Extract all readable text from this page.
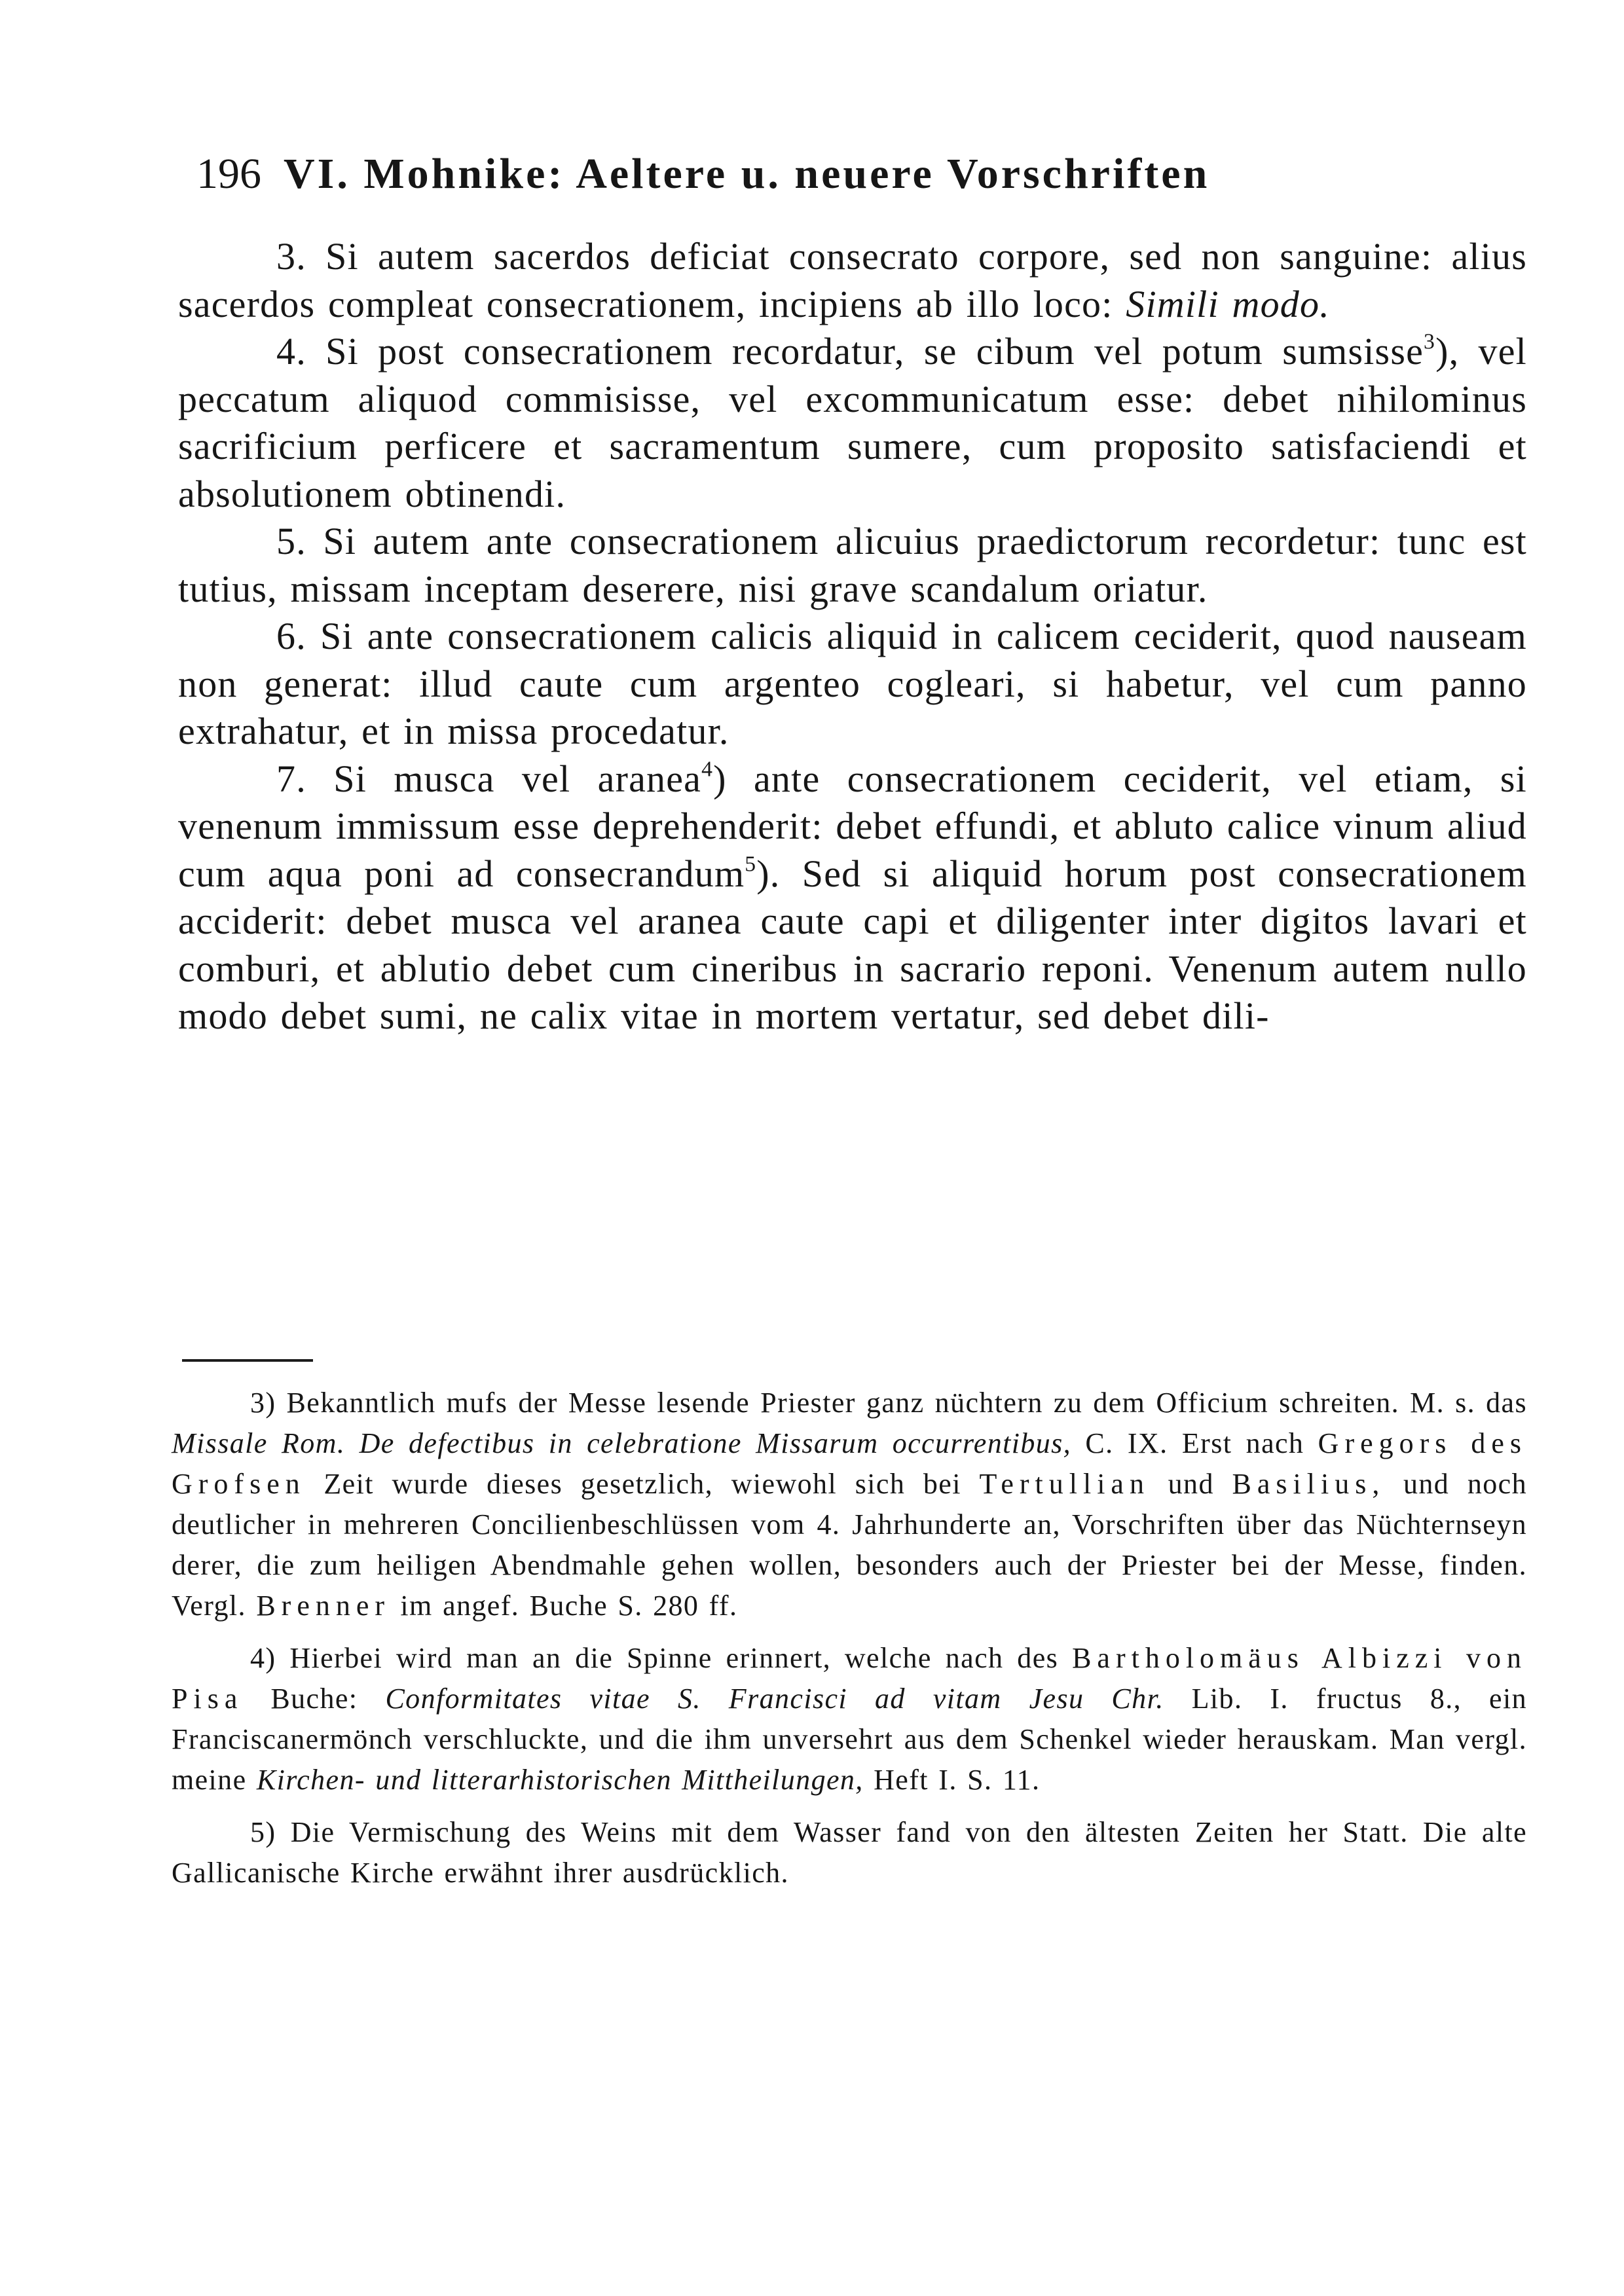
196 VI. Mohnike: Aeltere u. neuere Vorschriften

3. Si autem sacerdos deficiat consecrato corpore, sed non sanguine: alius sacerdos compleat consecrationem, incipiens ab illo loco: Simili modo.

4. Si post consecrationem recordatur, se cibum vel potum sumsisse$^3$), vel peccatum aliquod commisisse, vel excommunicatum esse: debet nihilominus sacrificium perficere et sacramentum sumere, cum proposito satisfaciendi et absolutionem obtinendi.

5. Si autem ante consecrationem alicuius praedictorum recordetur: tunc est tutius, missam inceptam deserere, nisi grave scandalum oriatur.

6. Si ante consecrationem calicis aliquid in calicem ceciderit, quod nauseam non generat: illud caute cum argenteo cogleari, si habetur, vel cum panno extrahatur, et in missa procedatur.

7. Si musca vel aranea$^4$) ante consecrationem ceciderit, vel etiam, si venenum immissum esse deprehenderit: debet effundi, et abluto calice vinum aliud cum aqua poni ad consecrandum$^5$). Sed si aliquid horum post consecrationem acciderit: debet musca vel aranea caute capi et diligenter inter digitos lavari et comburi, et ablutio debet cum cineribus in sacrario reponi. Venenum autem nullo modo debet sumi, ne calix vitae in mortem vertatur, sed debet dili-

3) Bekanntlich mufs der Messe lesende Priester ganz nüchtern zu dem Officium schreiten. M. s. das Missale Rom. De defectibus in celebratione Missarum occurrentibus, C. IX. Erst nach Gregors des Grofsen Zeit wurde dieses gesetzlich, wiewohl sich bei Tertullian und Basilius, und noch deutlicher in mehreren Concilienbeschlüssen vom 4. Jahrhunderte an, Vorschriften über das Nüchternseyn derer, die zum heiligen Abendmahle gehen wollen, besonders auch der Priester bei der Messe, finden. Vergl. Brenner im angef. Buche S. 280 ff.

4) Hierbei wird man an die Spinne erinnert, welche nach des Bartholomäus Albizzi von Pisa Buche: Conformitates vitae S. Francisci ad vitam Jesu Chr. Lib. I. fructus 8., ein Franciscanermönch verschluckte, und die ihm unversehrt aus dem Schenkel wieder herauskam. Man vergl. meine Kirchen- und litterarhistorischen Mittheilungen, Heft I. S. 11.

5) Die Vermischung des Weins mit dem Wasser fand von den ältesten Zeiten her Statt. Die alte Gallicanische Kirche erwähnt ihrer ausdrücklich.
